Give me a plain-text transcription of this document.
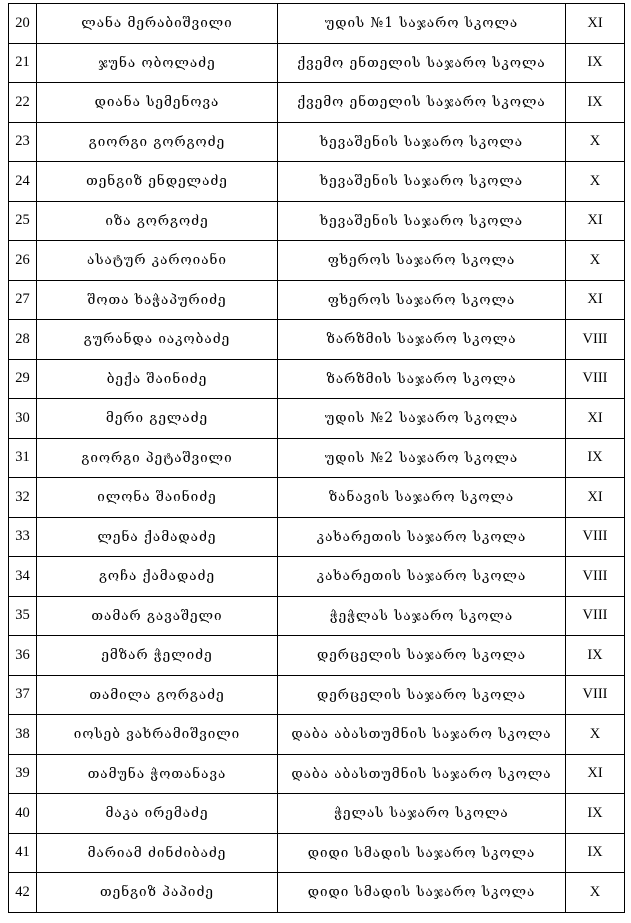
20	ლანა მერაბიშვილი	უდის №1 საჯარო სკოლა	XI
21	ჯუნა ობოლაძე	ქვემო ენთელის საჯარო სკოლა	IX
22	დიანა სემენოვა	ქვემო ენთელის საჯარო სკოლა	IX
23	გიორგი გორგოძე	ხევაშენის საჯარო სკოლა	X
24	თენგიზ ენდელაძე	ხევაშენის საჯარო სკოლა	X
25	იზა გორგოძე	ხევაშენის საჯარო სკოლა	XI
26	ასატურ კაროიანი	ფხეროს საჯარო სკოლა	X
27	შოთა ხაჭაპურიძე	ფხეროს საჯარო სკოლა	XI
28	გურანდა იაკობაძე	ზარზმის საჯარო სკოლა	VIII
29	ბექა შაინიძე	ზარზმის საჯარო სკოლა	VIII
30	მერი გელაძე	უდის №2 საჯარო სკოლა	XI
31	გიორგი პეტაშვილი	უდის №2 საჯარო სკოლა	IX
32	ილონა შაინიძე	ზანავის საჯარო სკოლა	XI
33	ლენა ქამადაძე	კახარეთის საჯარო სკოლა	VIII
34	გოჩა ქამადაძე	კახარეთის საჯარო სკოლა	VIII
35	თამარ გავაშელი	ჭეჭლას საჯარო სკოლა	VIII
36	ემზარ ჭელიძე	დერცელის საჯარო სკოლა	IX
37	თამილა გორგაძე	დერცელის საჯარო სკოლა	VIII
38	იოსებ ვახრამიშვილი	დაბა აბასთუმნის საჯარო სკოლა	X
39	თამუნა ჭოთანავა	დაბა აბასთუმნის საჯარო სკოლა	XI
40	მაკა ირემაძე	ჭელას საჯარო სკოლა	IX
41	მარიამ ძინძიბაძე	დიდი სმადის საჯარო სკოლა	IX
42	თენგიზ პაპიძე	დიდი სმადის საჯარო სკოლა	X
